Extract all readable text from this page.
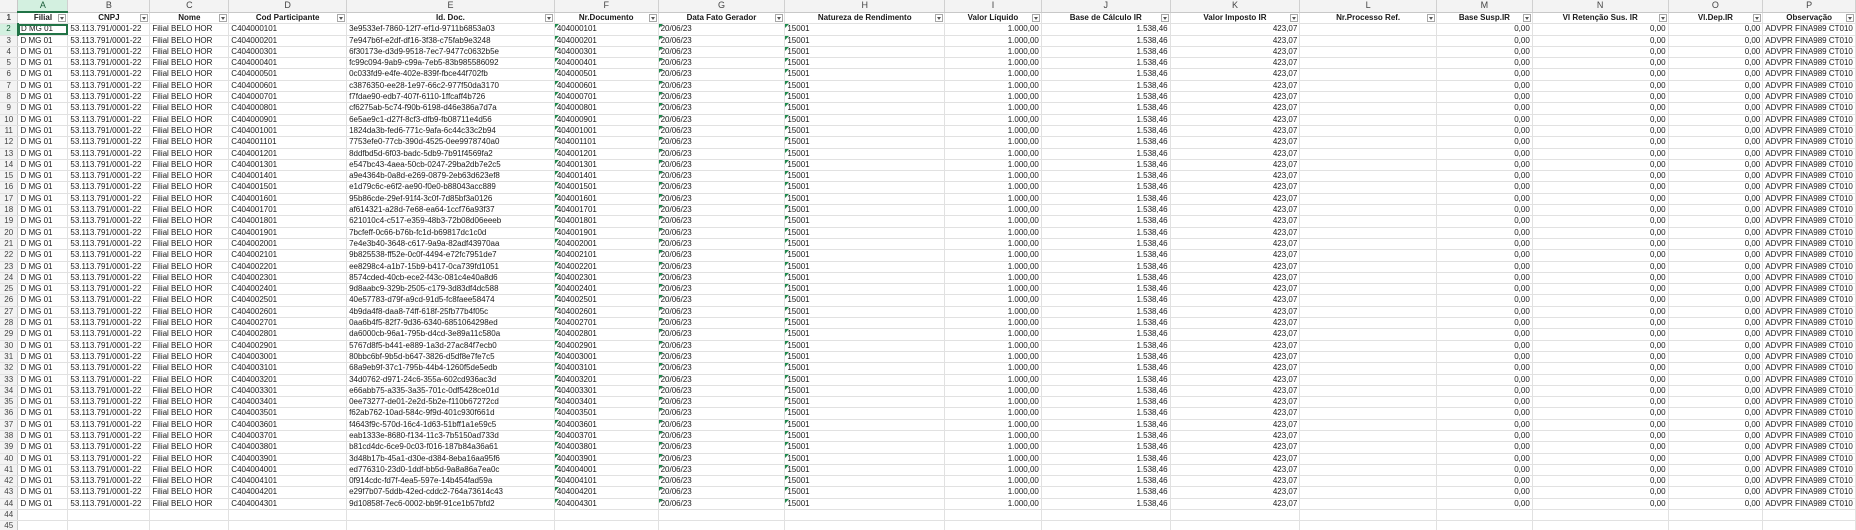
	A	B	C	D	E	F	G	H	I	J	K	L	M	N	O	P
1	Filial	CNPJ	Nome	Cod Participante	Id. Doc.	Nr.Documento	Data Fato Gerador	Natureza de Rendimento	Valor Líquido	Base de Cálculo IR	Valor Imposto IR	Nr.Processo Ref.	Base Susp.IR	Vl Retenção Sus. IR	Vl.Dep.IR	Observação

2	D MG 01	53.113.791/0001-22	Filial BELO HOR	C404000101	3e9533ef-7860-12f7-ef1d-9711b6853a03	404000101	20/06/23	15001	1.000,00	1.538,46	423,07		0,00	0,00	0,00	ADVPR FINA989 CT010
3	D MG 01	53.113.791/0001-22	Filial BELO HOR	C404000201	7e947b6f-e2df-df16-3f38-c75fab9e3248	404000201	20/06/23	15001	1.000,00	1.538,46	423,07		0,00	0,00	0,00	ADVPR FINA989 CT010
4	D MG 01	53.113.791/0001-22	Filial BELO HOR	C404000301	6f30173e-d3d9-9518-7ec7-9477c0632b5e	404000301	20/06/23	15001	1.000,00	1.538,46	423,07		0,00	0,00	0,00	ADVPR FINA989 CT010
5	D MG 01	53.113.791/0001-22	Filial BELO HOR	C404000401	fc99c094-9ab9-c99a-7eb5-83b985586092	404000401	20/06/23	15001	1.000,00	1.538,46	423,07		0,00	0,00	0,00	ADVPR FINA989 CT010
6	D MG 01	53.113.791/0001-22	Filial BELO HOR	C404000501	0c033fd9-e4fe-402e-839f-fbce44f702fb	404000501	20/06/23	15001	1.000,00	1.538,46	423,07		0,00	0,00	0,00	ADVPR FINA989 CT010
7	D MG 01	53.113.791/0001-22	Filial BELO HOR	C404000601	c3876350-ee28-1e97-66c2-977f50da3170	404000601	20/06/23	15001	1.000,00	1.538,46	423,07		0,00	0,00	0,00	ADVPR FINA989 CT010
8	D MG 01	53.113.791/0001-22	Filial BELO HOR	C404000701	f7fdae90-edb7-407f-6110-1ffcaff4b726	404000701	20/06/23	15001	1.000,00	1.538,46	423,07		0,00	0,00	0,00	ADVPR FINA989 CT010
9	D MG 01	53.113.791/0001-22	Filial BELO HOR	C404000801	cf6275ab-5c74-f90b-6198-d46e386a7d7a	404000801	20/06/23	15001	1.000,00	1.538,46	423,07		0,00	0,00	0,00	ADVPR FINA989 CT010
10	D MG 01	53.113.791/0001-22	Filial BELO HOR	C404000901	6e5ae9c1-d27f-8cf3-dfb9-fb08711e4d56	404000901	20/06/23	15001	1.000,00	1.538,46	423,07		0,00	0,00	0,00	ADVPR FINA989 CT010
11	D MG 01	53.113.791/0001-22	Filial BELO HOR	C404001001	1824da3b-fed6-771c-9afa-6c44c33c2b94	404001001	20/06/23	15001	1.000,00	1.538,46	423,07		0,00	0,00	0,00	ADVPR FINA989 CT010
12	D MG 01	53.113.791/0001-22	Filial BELO HOR	C404001101	7753efe0-77cb-390d-4525-0ee9978740a0	404001101	20/06/23	15001	1.000,00	1.538,46	423,07		0,00	0,00	0,00	ADVPR FINA989 CT010
13	D MG 01	53.113.791/0001-22	Filial BELO HOR	C404001201	8ddfbd5d-6f03-badc-5db9-7b91f4569fa2	404001201	20/06/23	15001	1.000,00	1.538,46	423,07		0,00	0,00	0,00	ADVPR FINA989 CT010
14	D MG 01	53.113.791/0001-22	Filial BELO HOR	C404001301	e547bc43-4aea-50cb-0247-29ba2db7e2c5	404001301	20/06/23	15001	1.000,00	1.538,46	423,07		0,00	0,00	0,00	ADVPR FINA989 CT010
15	D MG 01	53.113.791/0001-22	Filial BELO HOR	C404001401	a9e4364b-0a8d-e269-0879-2eb63d623ef8	404001401	20/06/23	15001	1.000,00	1.538,46	423,07		0,00	0,00	0,00	ADVPR FINA989 CT010
16	D MG 01	53.113.791/0001-22	Filial BELO HOR	C404001501	e1d79c6c-e6f2-ae90-f0e0-b88043acc889	404001501	20/06/23	15001	1.000,00	1.538,46	423,07		0,00	0,00	0,00	ADVPR FINA989 CT010
17	D MG 01	53.113.791/0001-22	Filial BELO HOR	C404001601	95b86cde-29ef-91f4-3c0f-7d85bf3a0126	404001601	20/06/23	15001	1.000,00	1.538,46	423,07		0,00	0,00	0,00	ADVPR FINA989 CT010
18	D MG 01	53.113.791/0001-22	Filial BELO HOR	C404001701	af614321-a28d-7e68-ea64-1ccf76a93f37	404001701	20/06/23	15001	1.000,00	1.538,46	423,07		0,00	0,00	0,00	ADVPR FINA989 CT010
19	D MG 01	53.113.791/0001-22	Filial BELO HOR	C404001801	621010c4-c517-e359-48b3-72b08d06eeeb	404001801	20/06/23	15001	1.000,00	1.538,46	423,07		0,00	0,00	0,00	ADVPR FINA989 CT010
20	D MG 01	53.113.791/0001-22	Filial BELO HOR	C404001901	7bcfeff-0c66-b76b-fc1d-b69817dc1c0d	404001901	20/06/23	15001	1.000,00	1.538,46	423,07		0,00	0,00	0,00	ADVPR FINA989 CT010
21	D MG 01	53.113.791/0001-22	Filial BELO HOR	C404002001	7e4e3b40-3648-c617-9a9a-82adf43970aa	404002001	20/06/23	15001	1.000,00	1.538,46	423,07		0,00	0,00	0,00	ADVPR FINA989 CT010
22	D MG 01	53.113.791/0001-22	Filial BELO HOR	C404002101	9b825538-ff52e-0c0f-4494-e72fc7951de7	404002101	20/06/23	15001	1.000,00	1.538,46	423,07		0,00	0,00	0,00	ADVPR FINA989 CT010
23	D MG 01	53.113.791/0001-22	Filial BELO HOR	C404002201	ee8298c4-a1b7-15b9-b417-0ca739fd1051	404002201	20/06/23	15001	1.000,00	1.538,46	423,07		0,00	0,00	0,00	ADVPR FINA989 CT010
24	D MG 01	53.113.791/0001-22	Filial BELO HOR	C404002301	8574cded-40cb-ece2-f43c-081c4e40a8d6	404002301	20/06/23	15001	1.000,00	1.538,46	423,07		0,00	0,00	0,00	ADVPR FINA989 CT010
25	D MG 01	53.113.791/0001-22	Filial BELO HOR	C404002401	9d8aabc9-329b-2505-c179-3d83df4dc588	404002401	20/06/23	15001	1.000,00	1.538,46	423,07		0,00	0,00	0,00	ADVPR FINA989 CT010
26	D MG 01	53.113.791/0001-22	Filial BELO HOR	C404002501	40e57783-d79f-a9cd-91d5-fc8faee58474	404002501	20/06/23	15001	1.000,00	1.538,46	423,07		0,00	0,00	0,00	ADVPR FINA989 CT010
27	D MG 01	53.113.791/0001-22	Filial BELO HOR	C404002601	4b9da4f8-daa8-74ff-618f-25fb77b4f05c	404002601	20/06/23	15001	1.000,00	1.538,46	423,07		0,00	0,00	0,00	ADVPR FINA989 CT010
28	D MG 01	53.113.791/0001-22	Filial BELO HOR	C404002701	0aa6b4f5-82f7-9d36-6340-6851064298ed	404002701	20/06/23	15001	1.000,00	1.538,46	423,07		0,00	0,00	0,00	ADVPR FINA989 CT010
29	D MG 01	53.113.791/0001-22	Filial BELO HOR	C404002801	da6000cb-96a1-795b-d4cd-3e89a11c580a	404002801	20/06/23	15001	1.000,00	1.538,46	423,07		0,00	0,00	0,00	ADVPR FINA989 CT010
30	D MG 01	53.113.791/0001-22	Filial BELO HOR	C404002901	5767d8f5-b441-e889-1a3d-27ac84f7ecb0	404002901	20/06/23	15001	1.000,00	1.538,46	423,07		0,00	0,00	0,00	ADVPR FINA989 CT010
31	D MG 01	53.113.791/0001-22	Filial BELO HOR	C404003001	80bbc6bf-9b5d-b647-3826-d5df8e7fe7c5	404003001	20/06/23	15001	1.000,00	1.538,46	423,07		0,00	0,00	0,00	ADVPR FINA989 CT010
32	D MG 01	53.113.791/0001-22	Filial BELO HOR	C404003101	68a9eb9f-37c1-795b-44b4-1260f5de5edb	404003101	20/06/23	15001	1.000,00	1.538,46	423,07		0,00	0,00	0,00	ADVPR FINA989 CT010
33	D MG 01	53.113.791/0001-22	Filial BELO HOR	C404003201	34d0762-d971-24c6-355a-602cd936ac3d	404003201	20/06/23	15001	1.000,00	1.538,46	423,07		0,00	0,00	0,00	ADVPR FINA989 CT010
34	D MG 01	53.113.791/0001-22	Filial BELO HOR	C404003301	e66abb75-a335-3a35-701c-0df5428ce01d	404003301	20/06/23	15001	1.000,00	1.538,46	423,07		0,00	0,00	0,00	ADVPR FINA989 CT010
35	D MG 01	53.113.791/0001-22	Filial BELO HOR	C404003401	0ee73277-de01-2e2d-5b2e-f110b67272cd	404003401	20/06/23	15001	1.000,00	1.538,46	423,07		0,00	0,00	0,00	ADVPR FINA989 CT010
36	D MG 01	53.113.791/0001-22	Filial BELO HOR	C404003501	f62ab762-10ad-584c-9f9d-401c930f661d	404003501	20/06/23	15001	1.000,00	1.538,46	423,07		0,00	0,00	0,00	ADVPR FINA989 CT010
37	D MG 01	53.113.791/0001-22	Filial BELO HOR	C404003601	f4643f9c-570d-16c4-1d63-51bff1a1e59c5	404003601	20/06/23	15001	1.000,00	1.538,46	423,07		0,00	0,00	0,00	ADVPR FINA989 CT010
38	D MG 01	53.113.791/0001-22	Filial BELO HOR	C404003701	eab1333e-8680-f134-11c3-7b5150ad733d	404003701	20/06/23	15001	1.000,00	1.538,46	423,07		0,00	0,00	0,00	ADVPR FINA989 CT010
39	D MG 01	53.113.791/0001-22	Filial BELO HOR	C404003801	b81cd4dc-6ce9-0c03-f016-187b84a36a61	404003801	20/06/23	15001	1.000,00	1.538,46	423,07		0,00	0,00	0,00	ADVPR FINA989 CT010
40	D MG 01	53.113.791/0001-22	Filial BELO HOR	C404003901	3d48b17b-45a1-d30e-d384-8eba16aa95f6	404003901	20/06/23	15001	1.000,00	1.538,46	423,07		0,00	0,00	0,00	ADVPR FINA989 CT010
41	D MG 01	53.113.791/0001-22	Filial BELO HOR	C404004001	ed776310-23d0-1ddf-bb5d-9a8a86a7ea0c	404004001	20/06/23	15001	1.000,00	1.538,46	423,07		0,00	0,00	0,00	ADVPR FINA989 CT010
42	D MG 01	53.113.791/0001-22	Filial BELO HOR	C404004101	0f914cdc-fd7f-4ea5-597e-14b454fad59a	404004101	20/06/23	15001	1.000,00	1.538,46	423,07		0,00	0,00	0,00	ADVPR FINA989 CT010
43	D MG 01	53.113.791/0001-22	Filial BELO HOR	C404004201	e29f7b07-5ddb-42ed-cddc2-764a73614c43	404004201	20/06/23	15001	1.000,00	1.538,46	423,07		0,00	0,00	0,00	ADVPR FINA989 CT010
44	D MG 01	53.113.791/0001-22	Filial BELO HOR	C404004301	9d10858f-7ec6-0002-bb9f-91ce1b57bfd2	404004301	20/06/23	15001	1.000,00	1.538,46	423,07		0,00	0,00	0,00	ADVPR FINA989 CT010
44																
45																
